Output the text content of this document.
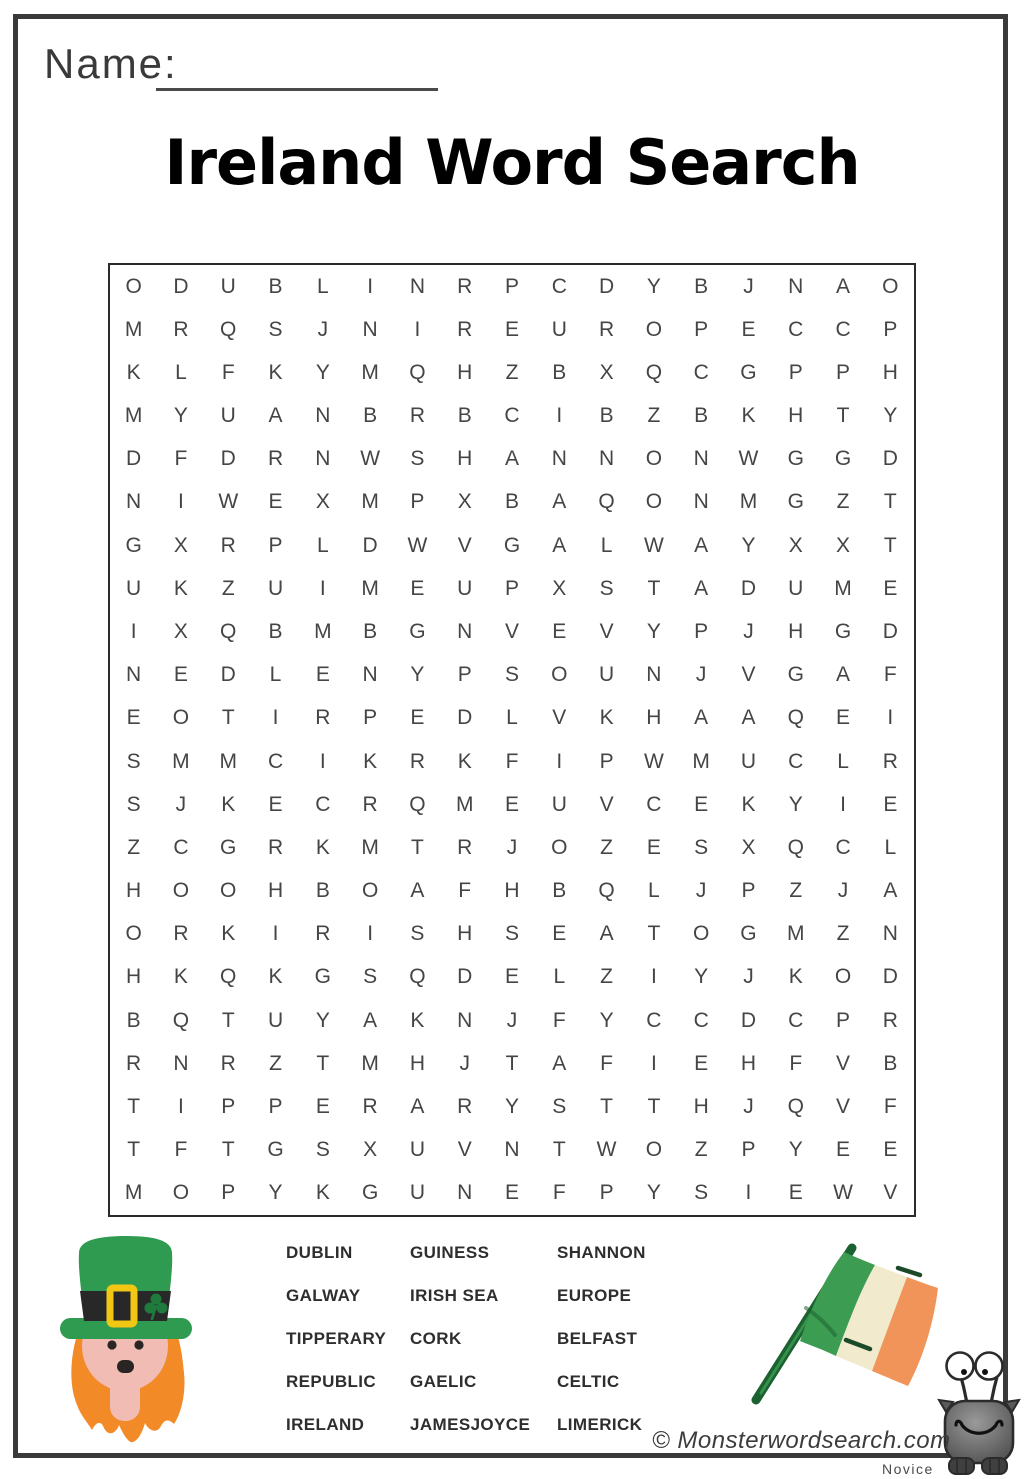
Name:
Ireland Word Search
O	D	U	B	L	I	N	R	P	C	D	Y	B	J	N	A	O
M	R	Q	S	J	N	I	R	E	U	R	O	P	E	C	C	P
K	L	F	K	Y	M	Q	H	Z	B	X	Q	C	G	P	P	H
M	Y	U	A	N	B	R	B	C	I	B	Z	B	K	H	T	Y
D	F	D	R	N	W	S	H	A	N	N	O	N	W	G	G	D
N	I	W	E	X	M	P	X	B	A	Q	O	N	M	G	Z	T
G	X	R	P	L	D	W	V	G	A	L	W	A	Y	X	X	T
U	K	Z	U	I	M	E	U	P	X	S	T	A	D	U	M	E
I	X	Q	B	M	B	G	N	V	E	V	Y	P	J	H	G	D
N	E	D	L	E	N	Y	P	S	O	U	N	J	V	G	A	F
E	O	T	I	R	P	E	D	L	V	K	H	A	A	Q	E	I
S	M	M	C	I	K	R	K	F	I	P	W	M	U	C	L	R
S	J	K	E	C	R	Q	M	E	U	V	C	E	K	Y	I	E
Z	C	G	R	K	M	T	R	J	O	Z	E	S	X	Q	C	L
H	O	O	H	B	O	A	F	H	B	Q	L	J	P	Z	J	A
O	R	K	I	R	I	S	H	S	E	A	T	O	G	M	Z	N
H	K	Q	K	G	S	Q	D	E	L	Z	I	Y	J	K	O	D
B	Q	T	U	Y	A	K	N	J	F	Y	C	C	D	C	P	R
R	N	R	Z	T	M	H	J	T	A	F	I	E	H	F	V	B
T	I	P	P	E	R	A	R	Y	S	T	T	H	J	Q	V	F
T	F	T	G	S	X	U	V	N	T	W	O	Z	P	Y	E	E
M	O	P	Y	K	G	U	N	E	F	P	Y	S	I	E	W	V
DUBLIN	GUINESS	SHANNON
GALWAY	IRISH SEA	EUROPE
TIPPERARY	CORK	BELFAST
REPUBLIC	GAELIC	CELTIC
IRELAND	JAMESJOYCE	LIMERICK
© Monsterwordsearch.com
Novice
